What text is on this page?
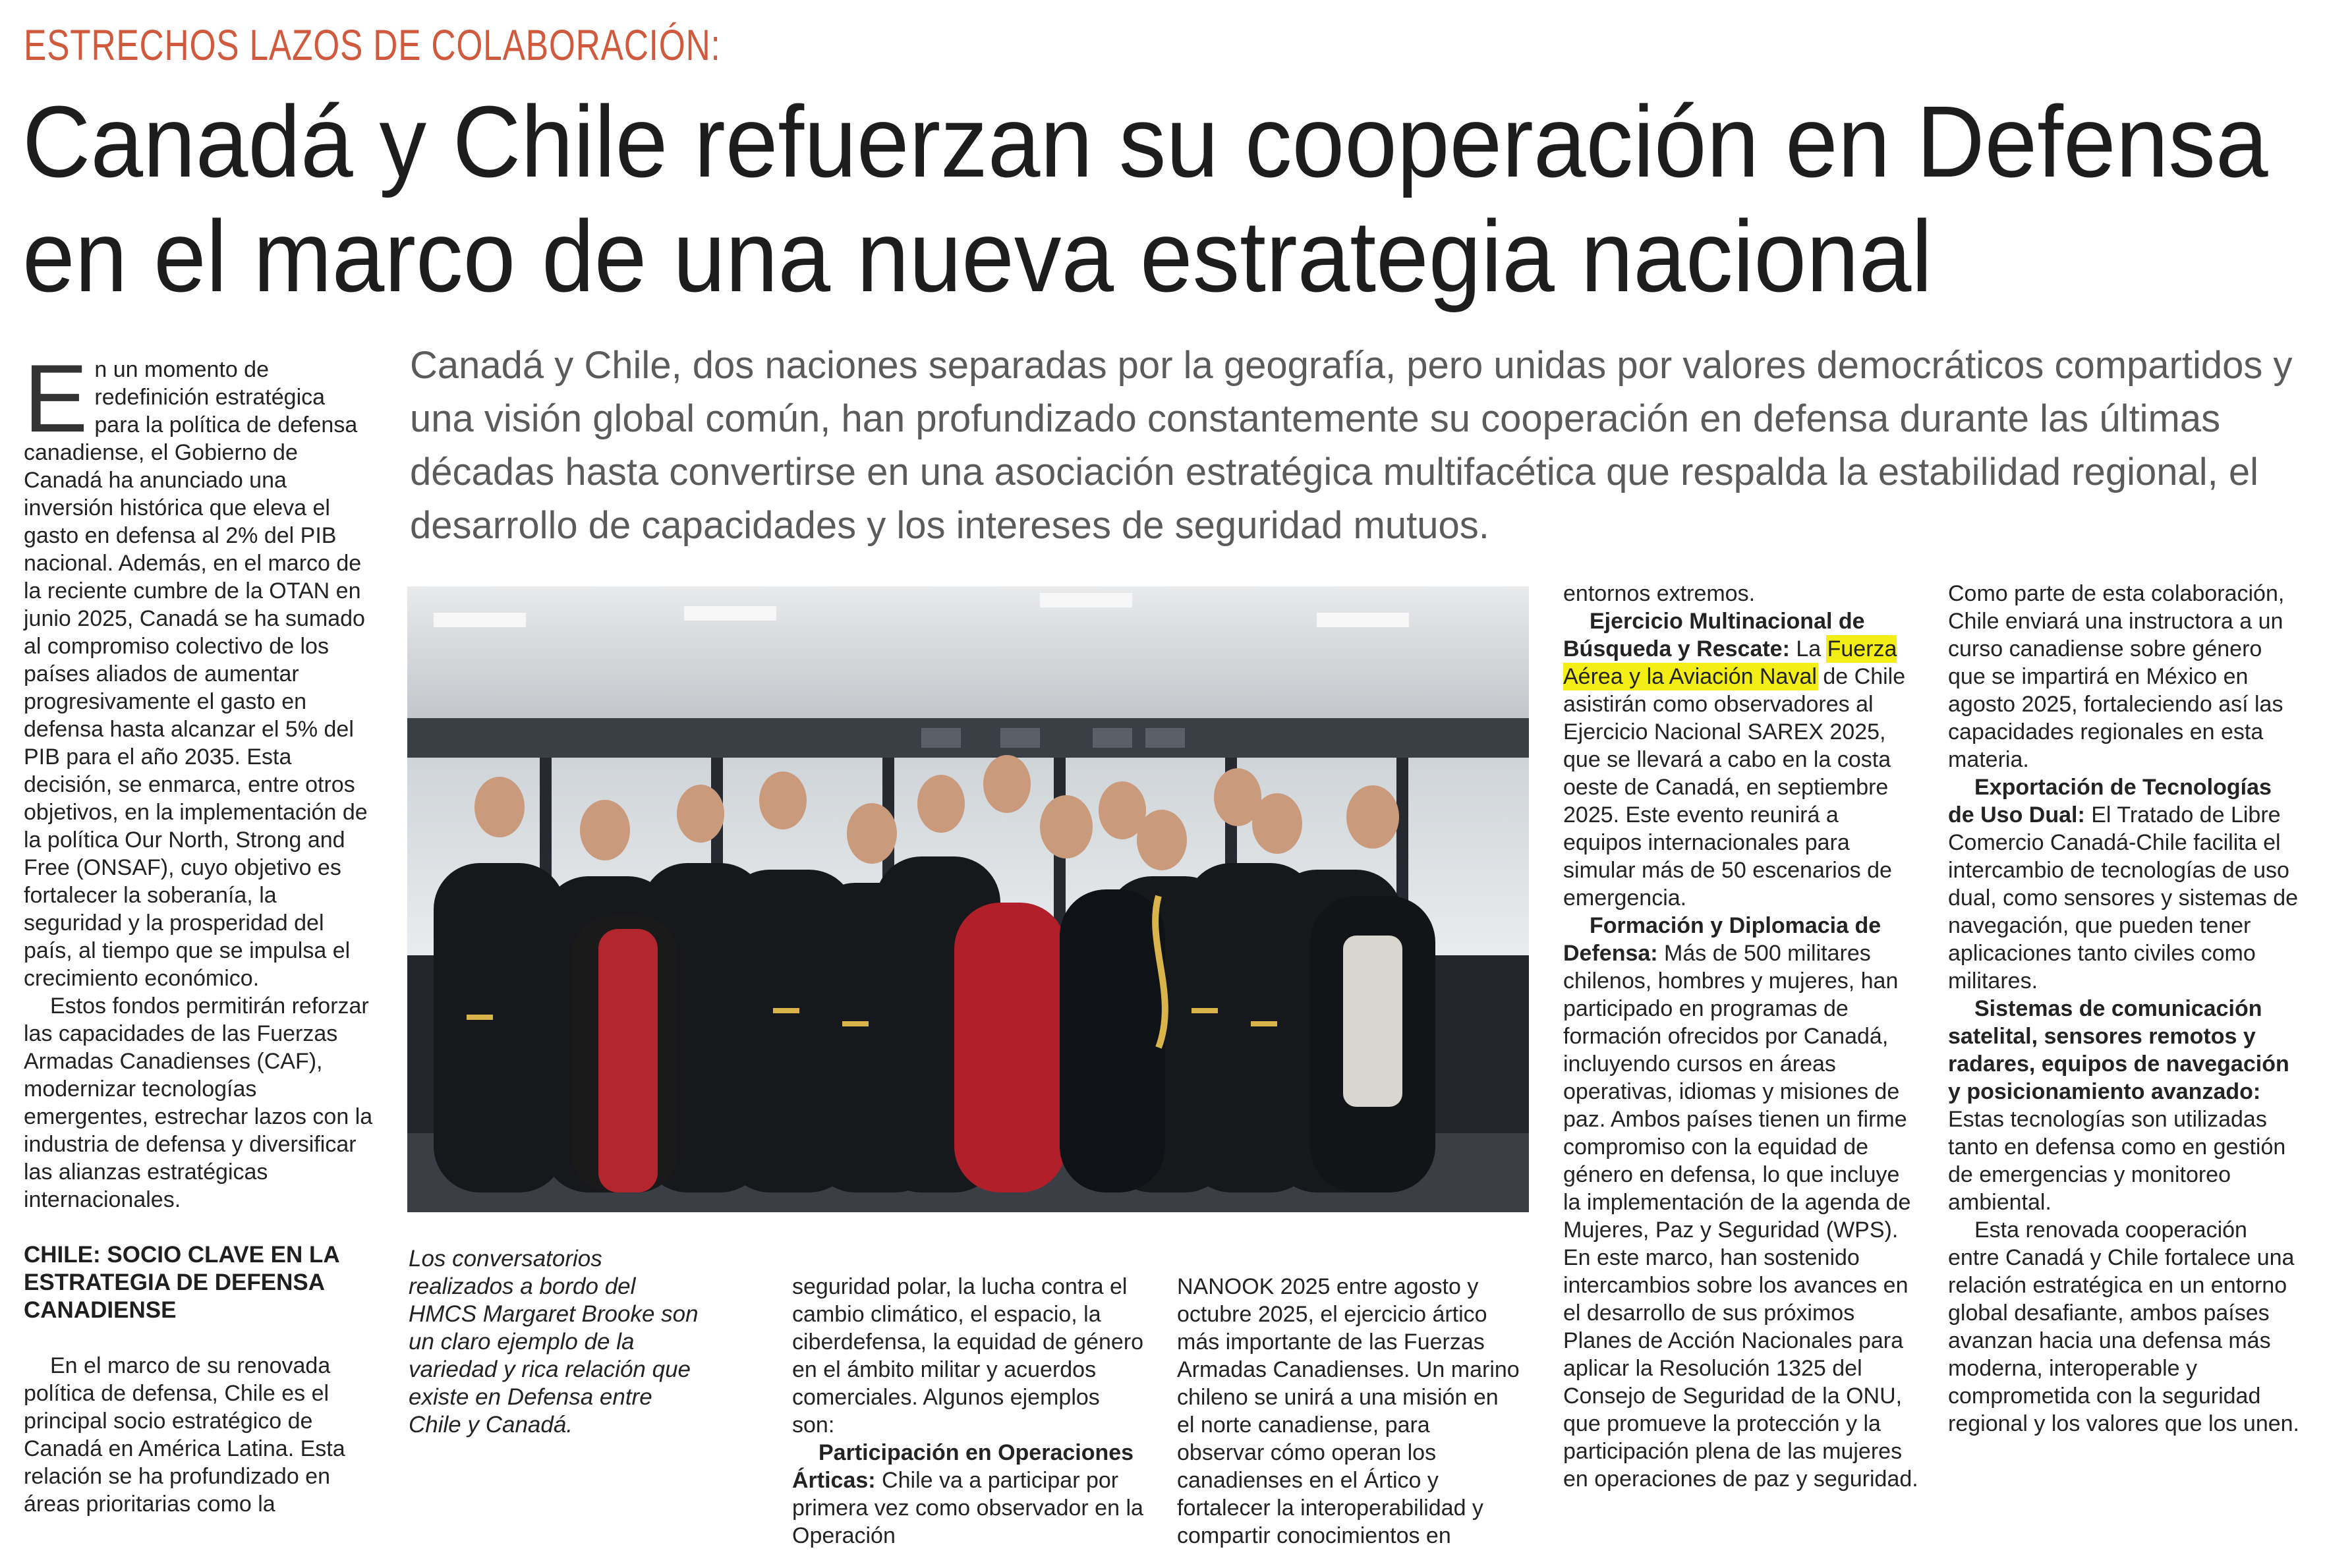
ESTRECHOS LAZOS DE COLABORACIÓN:
Canadá y Chile refuerzan su cooperación en Defensa
en el marco de una nueva estrategia nacional
Canadá y Chile, dos naciones separadas por la geografía, pero unidas por valores democráticos compartidos y una visión global común, han profundizado constantemente su cooperación en defensa durante las últimas décadas hasta convertirse en una asociación estratégica multifacética que respalda la estabilidad regional, el desarrollo de capacidades y los intereses de seguridad mutuos.

En un momento de redefinición estratégica para la política de defensa canadiense, el Gobierno de Canadá ha anunciado una inversión histórica que eleva el gasto en defensa al 2% del PIB nacional. Además, en el marco de la reciente cumbre de la OTAN en junio 2025, Canadá se ha sumado al compromiso colectivo de los países aliados de aumentar progresivamente el gasto en defensa hasta alcanzar el 5% del PIB para el año 2035. Esta decisión, se enmarca, entre otros objetivos, en la implementación de la política Our North, Strong and Free (ONSAF), cuyo objetivo es fortalecer la soberanía, la seguridad y la prosperidad del país, al tiempo que se impulsa el crecimiento económico.

Estos fondos permitirán reforzar las capacidades de las Fuerzas Armadas Canadienses (CAF), modernizar tecnologías emergentes, estrechar lazos con la industria de defensa y diversificar las alianzas estratégicas internacionales.

CHILE: SOCIO CLAVE EN LA ESTRATEGIA DE DEFENSA CANADIENSE

En el marco de su renovada política de defensa, Chile es el principal socio estratégico de Canadá en América Latina. Esta relación se ha profundizado en áreas prioritarias como la

Los conversatorios realizados a bordo del HMCS Margaret Brooke son un claro ejemplo de la variedad y rica relación que existe en Defensa entre Chile y Canadá.

seguridad polar, la lucha contra el cambio climático, el espacio, la ciberdefensa, la equidad de género en el ámbito militar y acuerdos comerciales. Algunos ejemplos son:

Participación en Operaciones Árticas: Chile va a participar por primera vez como observador en la Operación

NANOOK 2025 entre agosto y octubre 2025, el ejercicio ártico más importante de las Fuerzas Armadas Canadienses. Un marino chileno se unirá a una misión en el norte canadiense, para observar cómo operan los canadienses en el Ártico y fortalecer la interoperabilidad y compartir conocimientos en

entornos extremos.

Ejercicio Multinacional de Búsqueda y Rescate: La Fuerza Aérea y la Aviación Naval de Chile asistirán como observadores al Ejercicio Nacional SAREX 2025, que se llevará a cabo en la costa oeste de Canadá, en septiembre 2025. Este evento reunirá a equipos internacionales para simular más de 50 escenarios de emergencia.

Formación y Diplomacia de Defensa: Más de 500 militares chilenos, hombres y mujeres, han participado en programas de formación ofrecidos por Canadá, incluyendo cursos en áreas operativas, idiomas y misiones de paz. Ambos países tienen un firme compromiso con la equidad de género en defensa, lo que incluye la implementación de la agenda de Mujeres, Paz y Seguridad (WPS). En este marco, han sostenido intercambios sobre los avances en el desarrollo de sus próximos Planes de Acción Nacionales para aplicar la Resolución 1325 del Consejo de Seguridad de la ONU, que promueve la protección y la participación plena de las mujeres en operaciones de paz y seguridad.

Como parte de esta colaboración, Chile enviará una instructora a un curso canadiense sobre género que se impartirá en México en agosto 2025, fortaleciendo así las capacidades regionales en esta materia.

Exportación de Tecnologías de Uso Dual: El Tratado de Libre Comercio Canadá-Chile facilita el intercambio de tecnologías de uso dual, como sensores y sistemas de navegación, que pueden tener aplicaciones tanto civiles como militares.

Sistemas de comunicación satelital, sensores remotos y radares, equipos de navegación y posicionamiento avanzado: Estas tecnologías son utilizadas tanto en defensa como en gestión de emergencias y monitoreo ambiental.

Esta renovada cooperación entre Canadá y Chile fortalece una relación estratégica en un entorno global desafiante, ambos países avanzan hacia una defensa más moderna, interoperable y comprometida con la seguridad regional y los valores que los unen.
